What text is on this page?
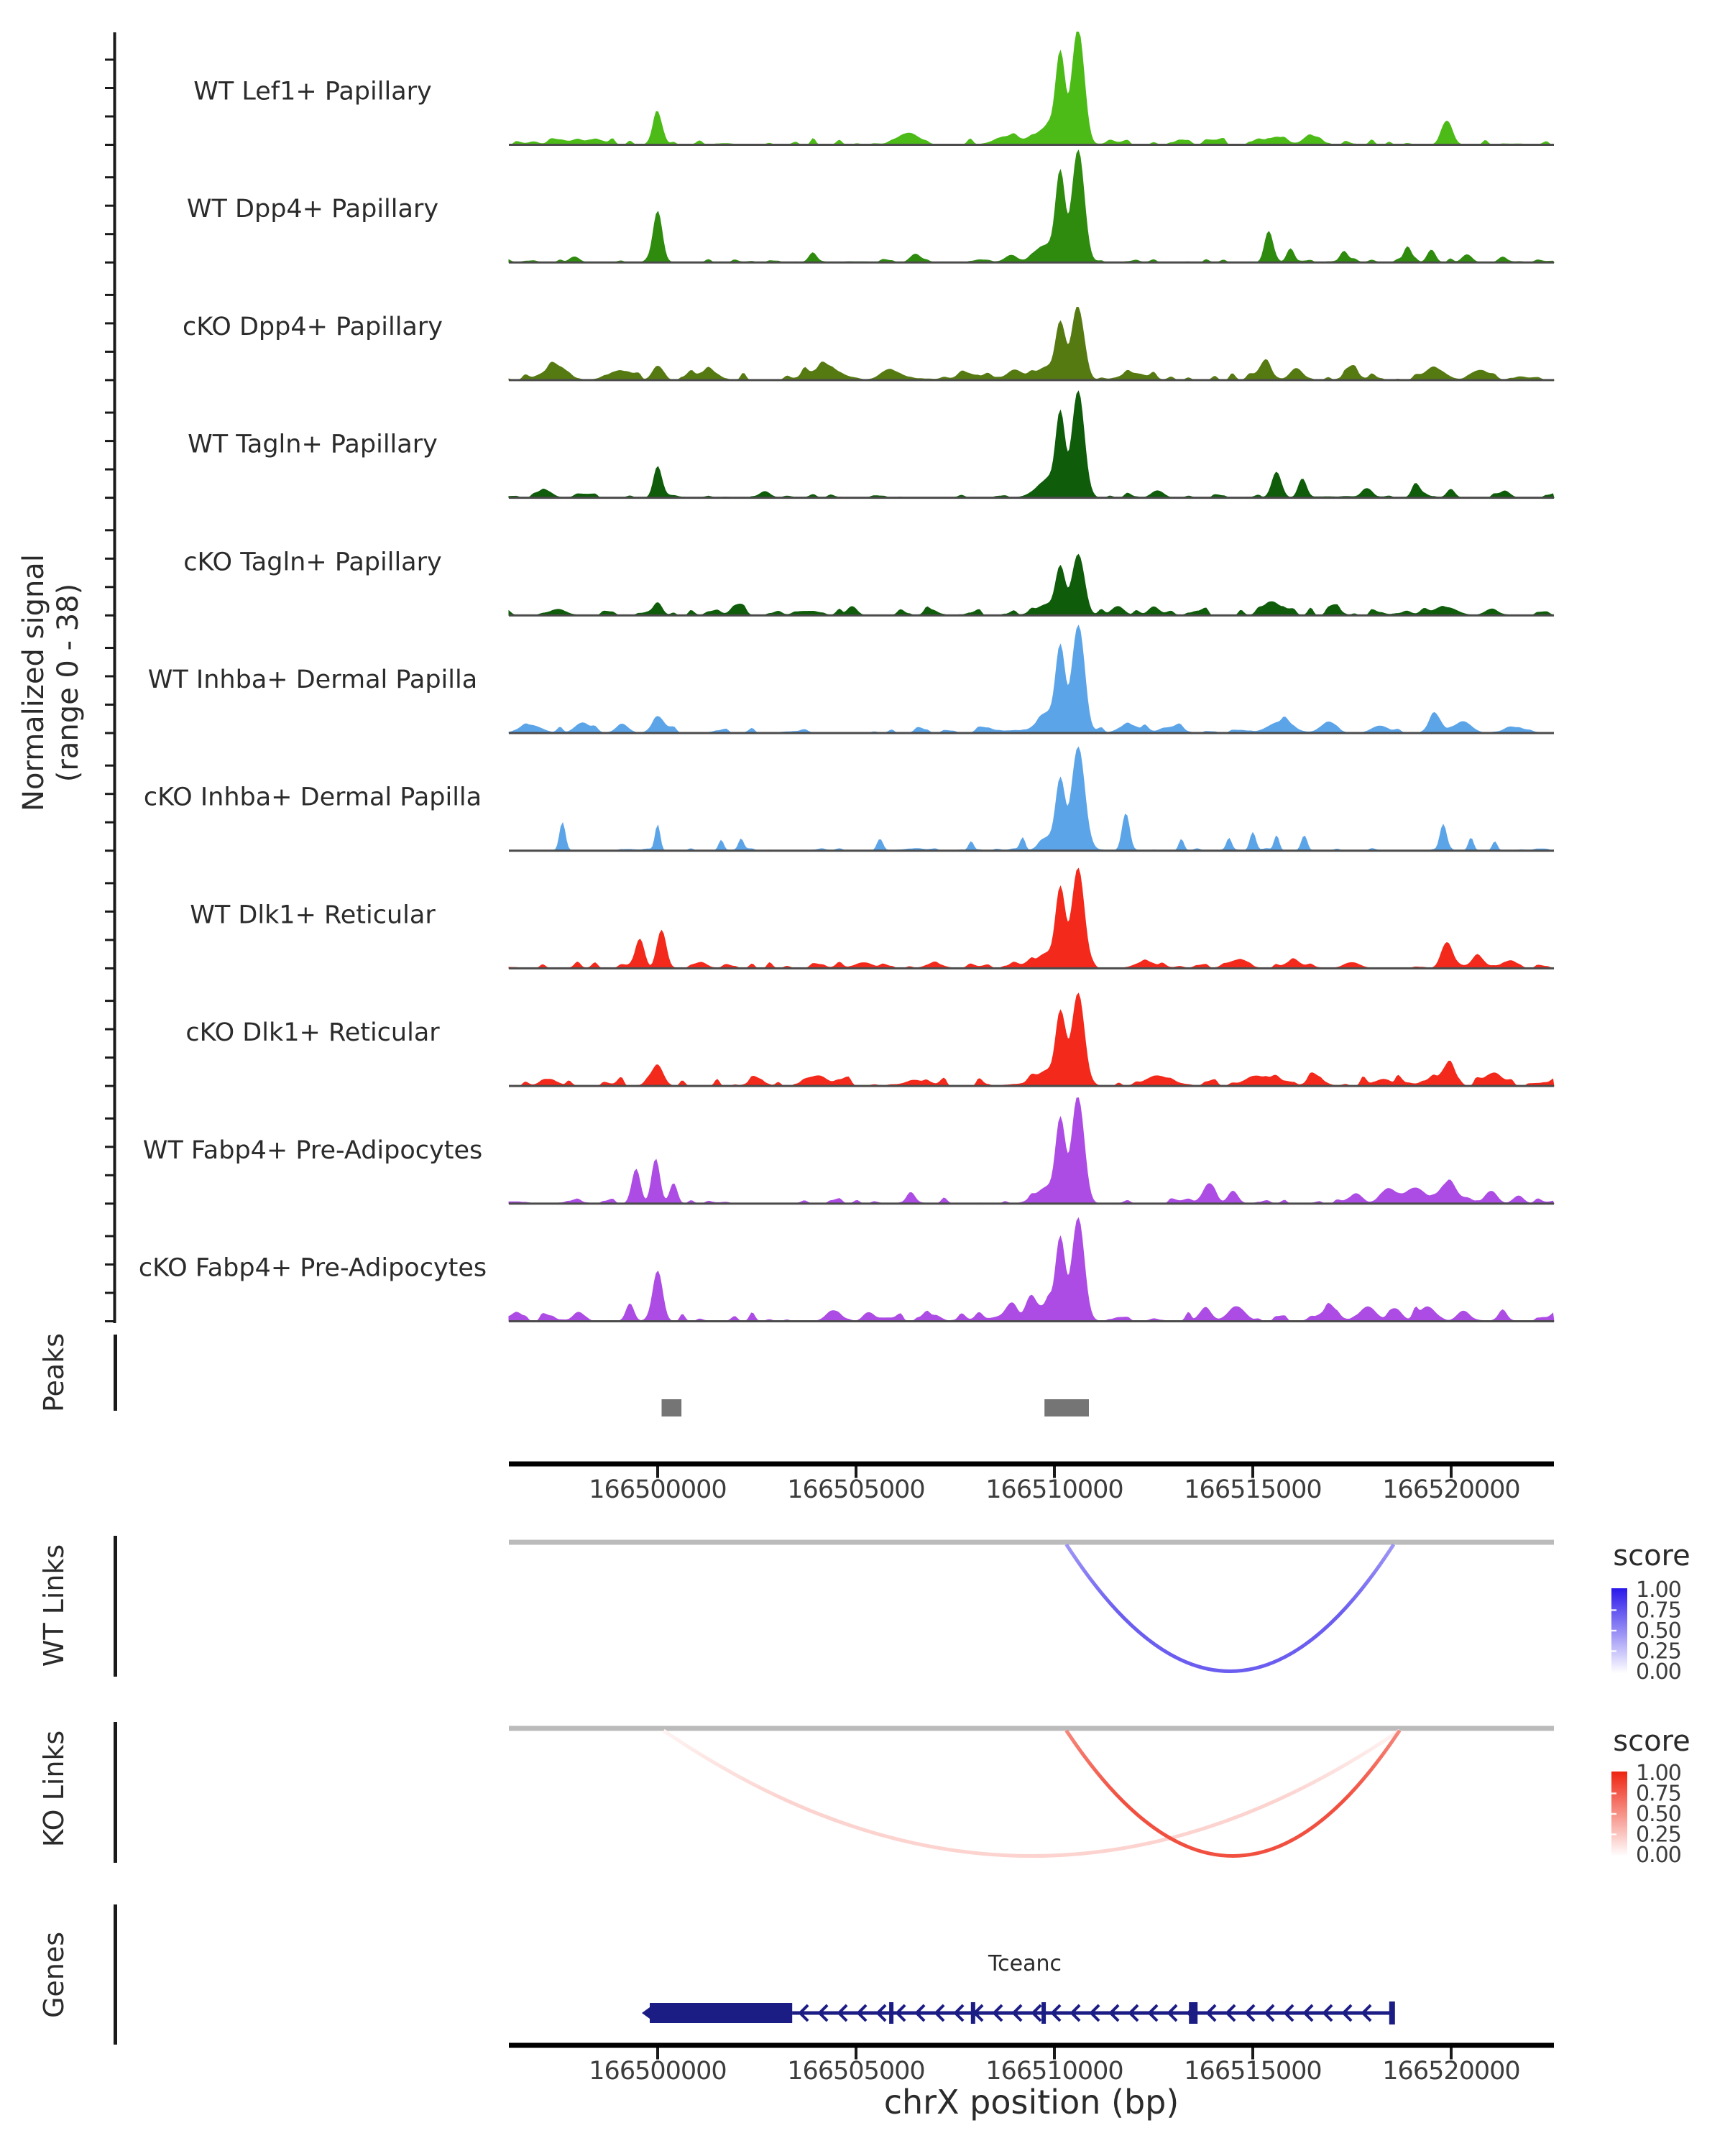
WT Lef1+ Papillary
WT Dpp4+ Papillary
cKO Dpp4+ Papillary
WT Tagln+ Papillary
cKO Tagln+ Papillary
WT Inhba+ Dermal Papilla
cKO Inhba+ Dermal Papilla
WT Dlk1+ Reticular
cKO Dlk1+ Reticular
WT Fabp4+ Pre-Adipocytes
cKO Fabp4+ Pre-Adipocytes
166500000 166505000 166510000 166515000 166520000
1.00
0.75
0.50
0.25
0.00
1.00
0.75
0.50
0.25
0.00
166500000 166505000 166510000 166515000 166520000
Normalized signal (range 0 - 38)
Peaks
WT Links
KO Links
Genes
score
score
Tceanc
chrX position (bp)
